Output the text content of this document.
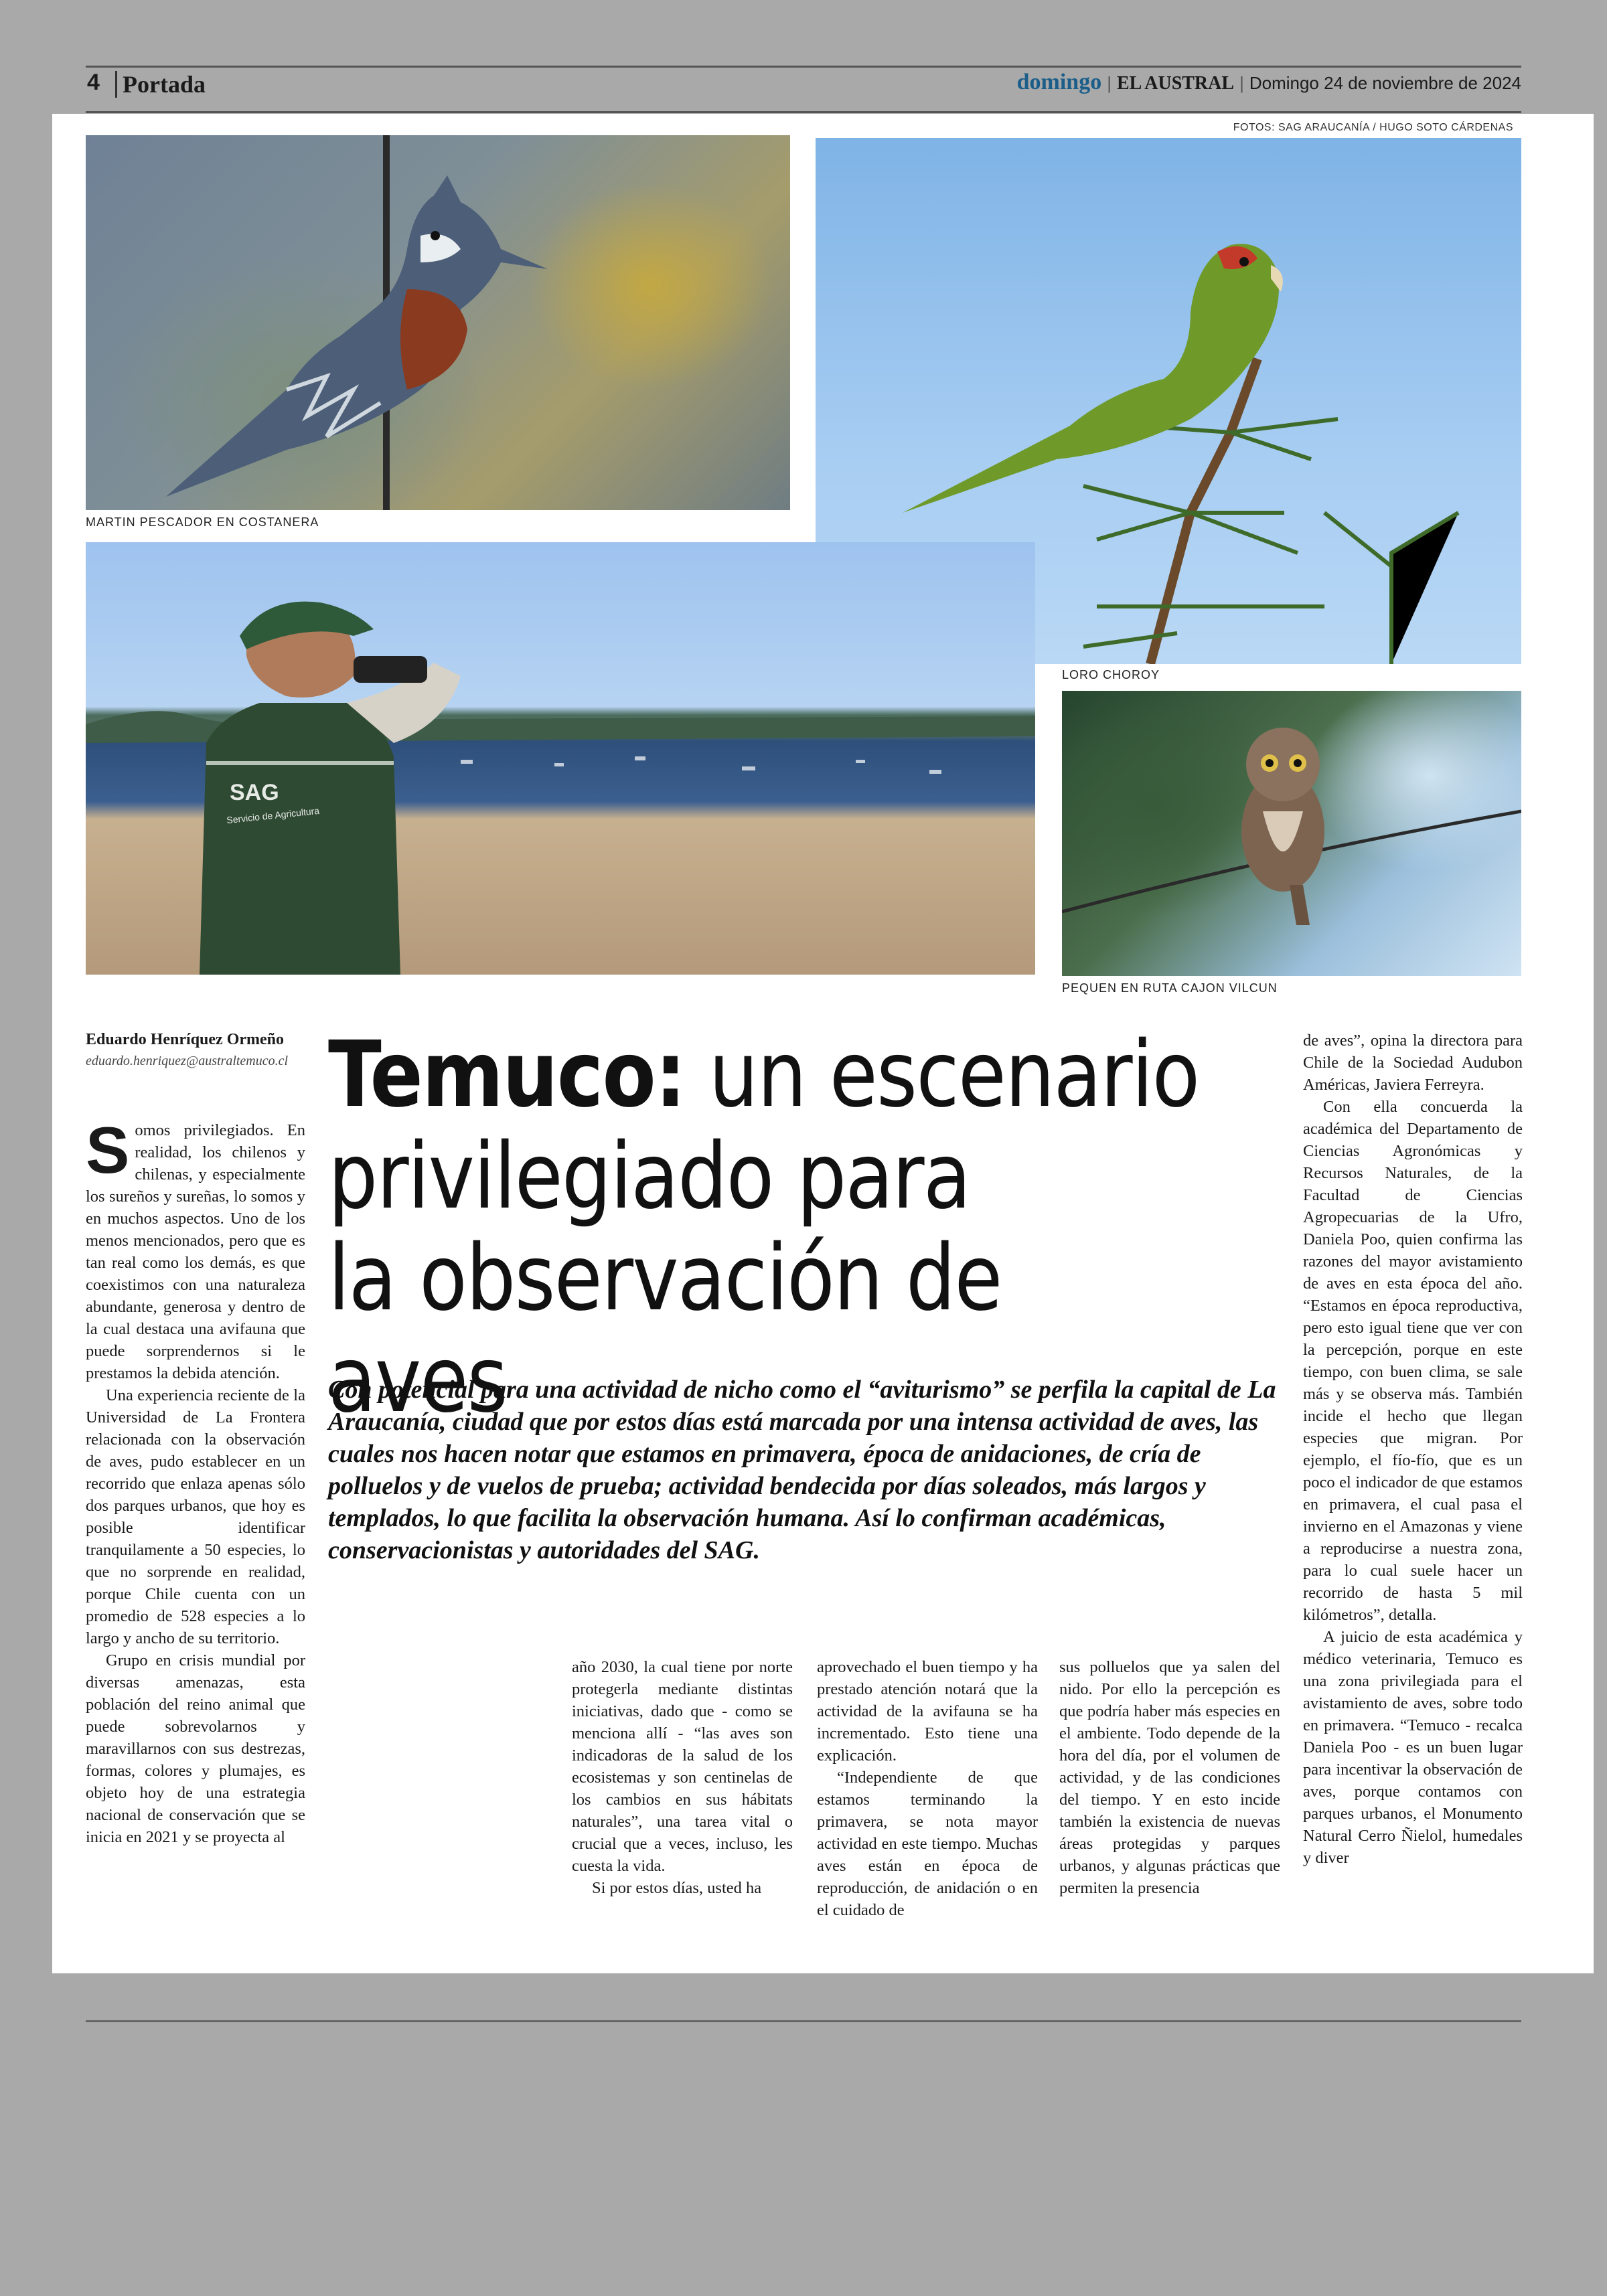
4 Portada	domingo | EL AUSTRAL | Domingo 24 de noviembre de 2024
FOTOS: SAG ARAUCANÍA / HUGO SOTO CÁRDENAS
MARTIN PESCADOR EN COSTANERA
LORO CHOROY
SAG
Servicio de Agricultura
PEQUEN EN RUTA CAJON VILCUN
Eduardo Henríquez Ormeño
eduardo.henriquez@australtemuco.cl Temuco: un escenario
privilegiado para
la observación de aves
Con potencial para una actividad de nicho como el “aviturismo” se perfila la capital de La Araucanía, ciudad que por estos días está marcada por una intensa actividad de aves, las cuales nos hacen notar que estamos en primavera, época de anidaciones, de cría de polluelos y de vuelos de prueba; actividad bendecida por días soleados, más largos y templados, lo que facilita la observación humana. Así lo confirman académicas, conservacionistas y autoridades del SAG.

Somos privilegiados. En realidad, los chilenos y chilenas, y especialmente los sureños y sureñas, lo somos y en muchos aspectos. Uno de los menos mencionados, pero que es tan real como los demás, es que coexistimos con una naturaleza abundante, generosa y dentro de la cual destaca una avifauna que puede sorprendernos si le prestamos la debida atención.

Una experiencia reciente de la Universidad de La Frontera relacionada con la observación de aves, pudo establecer en un recorrido que enlaza apenas sólo dos parques urbanos, que hoy es posible identificar tranquilamente a 50 especies, lo que no sorprende en realidad, porque Chile cuenta con un promedio de 528 especies a lo largo y ancho de su territorio.

Grupo en crisis mundial por diversas amenazas, esta población del reino animal que puede sobrevolarnos y maravillarnos con sus destrezas, formas, colores y plumajes, es objeto hoy de una estrategia nacional de conservación que se inicia en 2021 y se proyecta al

año 2030, la cual tiene por norte protegerla mediante distintas iniciativas, dado que - como se menciona allí - “las aves son indicadoras de la salud de los ecosistemas y son centinelas de los cambios en sus hábitats naturales”, una tarea vital o crucial que a veces, incluso, les cuesta la vida.

Si por estos días, usted ha

aprovechado el buen tiempo y ha prestado atención notará que la actividad de la avifauna se ha incrementado. Esto tiene una explicación.

“Independiente de que estamos terminando la primavera, se nota mayor actividad en este tiempo. Muchas aves están en época de reproducción, de anidación o en el cuidado de

sus polluelos que ya salen del nido. Por ello la percepción es que podría haber más especies en el ambiente. Todo depende de la hora del día, por el volumen de actividad, y de las condiciones del tiempo. Y en esto incide también la existencia de nuevas áreas protegidas y parques urbanos, y algunas prácticas que permiten la presencia

de aves”, opina la directora para Chile de la Sociedad Audubon Américas, Javiera Ferreyra.

Con ella concuerda la académica del Departamento de Ciencias Agronómicas y Recursos Naturales, de la Facultad de Ciencias Agropecuarias de la Ufro, Daniela Poo, quien confirma las razones del mayor avistamiento de aves en esta época del año. “Estamos en época reproductiva, pero esto igual tiene que ver con la percepción, porque en este tiempo, con buen clima, se sale más y se observa más. También incide el hecho que llegan especies que migran. Por ejemplo, el fío-fío, que es un poco el indicador de que estamos en primavera, el cual pasa el invierno en el Amazonas y viene a reproducirse a nuestra zona, para lo cual suele hacer un recorrido de hasta 5 mil kilómetros”, detalla.

A juicio de esta académica y médico veterinaria, Temuco es una zona privilegiada para el avistamiento de aves, sobre todo en primavera. “Temuco - recalca Daniela Poo - es un buen lugar para incentivar la observación de aves, porque contamos con parques urbanos, el Monumento Natural Cerro Ñielol, humedales y diver
